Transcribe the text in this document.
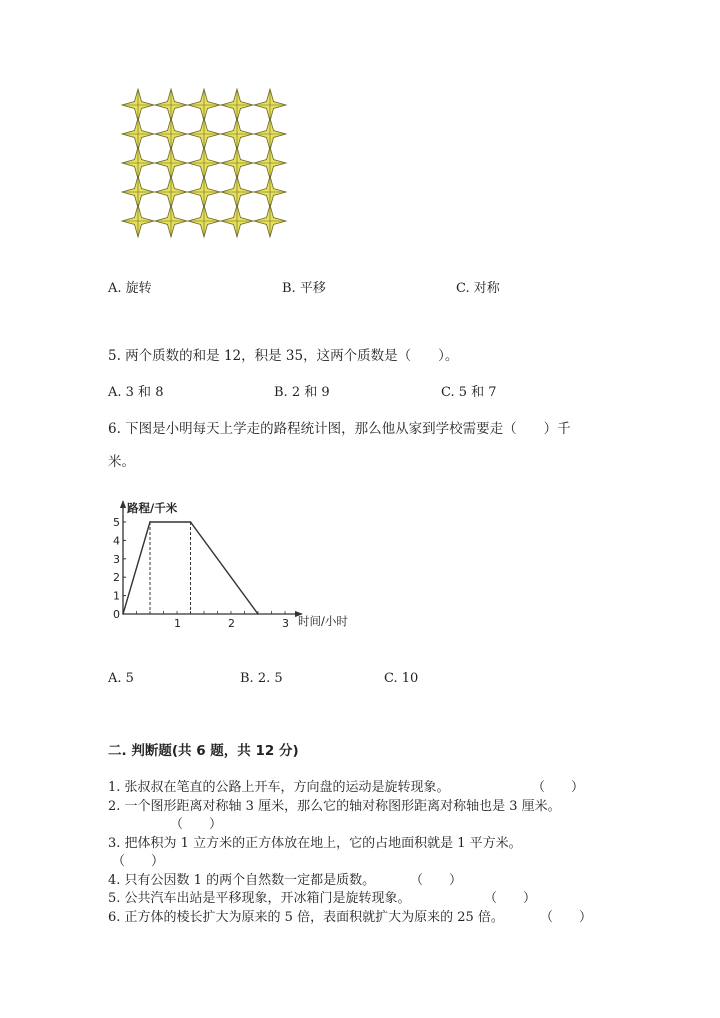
A. 旋转	B. 平移	C. 对称
5. 两个质数的和是 12，积是 35，这两个质数是（　　）。
A. 3 和 8	B. 2 和 9	C. 5 和 7
6. 下图是小明每天上学走的路程统计图，那么他从家到学校需要走（　　）千
米。
路程/千米
时间/小时
0
1
2
3
4
5
1	2	3
A. 5	B. 2. 5	C. 10
二. 判断题(共 6 题，共 12 分)
1. 张叔叔在笔直的公路上开车，方向盘的运动是旋转现象。	（　　）
2. 一个图形距离对称轴 3 厘米，那么它的轴对称图形距离对称轴也是 3 厘米。
（　　）
3. 把体积为 1 立方米的正方体放在地上，它的占地面积就是 1 平方米。
（　　）
4. 只有公因数 1 的两个自然数一定都是质数。	（　　）
5. 公共汽车出站是平移现象，开冰箱门是旋转现象。	（　　）
6. 正方体的棱长扩大为原来的 5 倍，表面积就扩大为原来的 25 倍。	（　　）
